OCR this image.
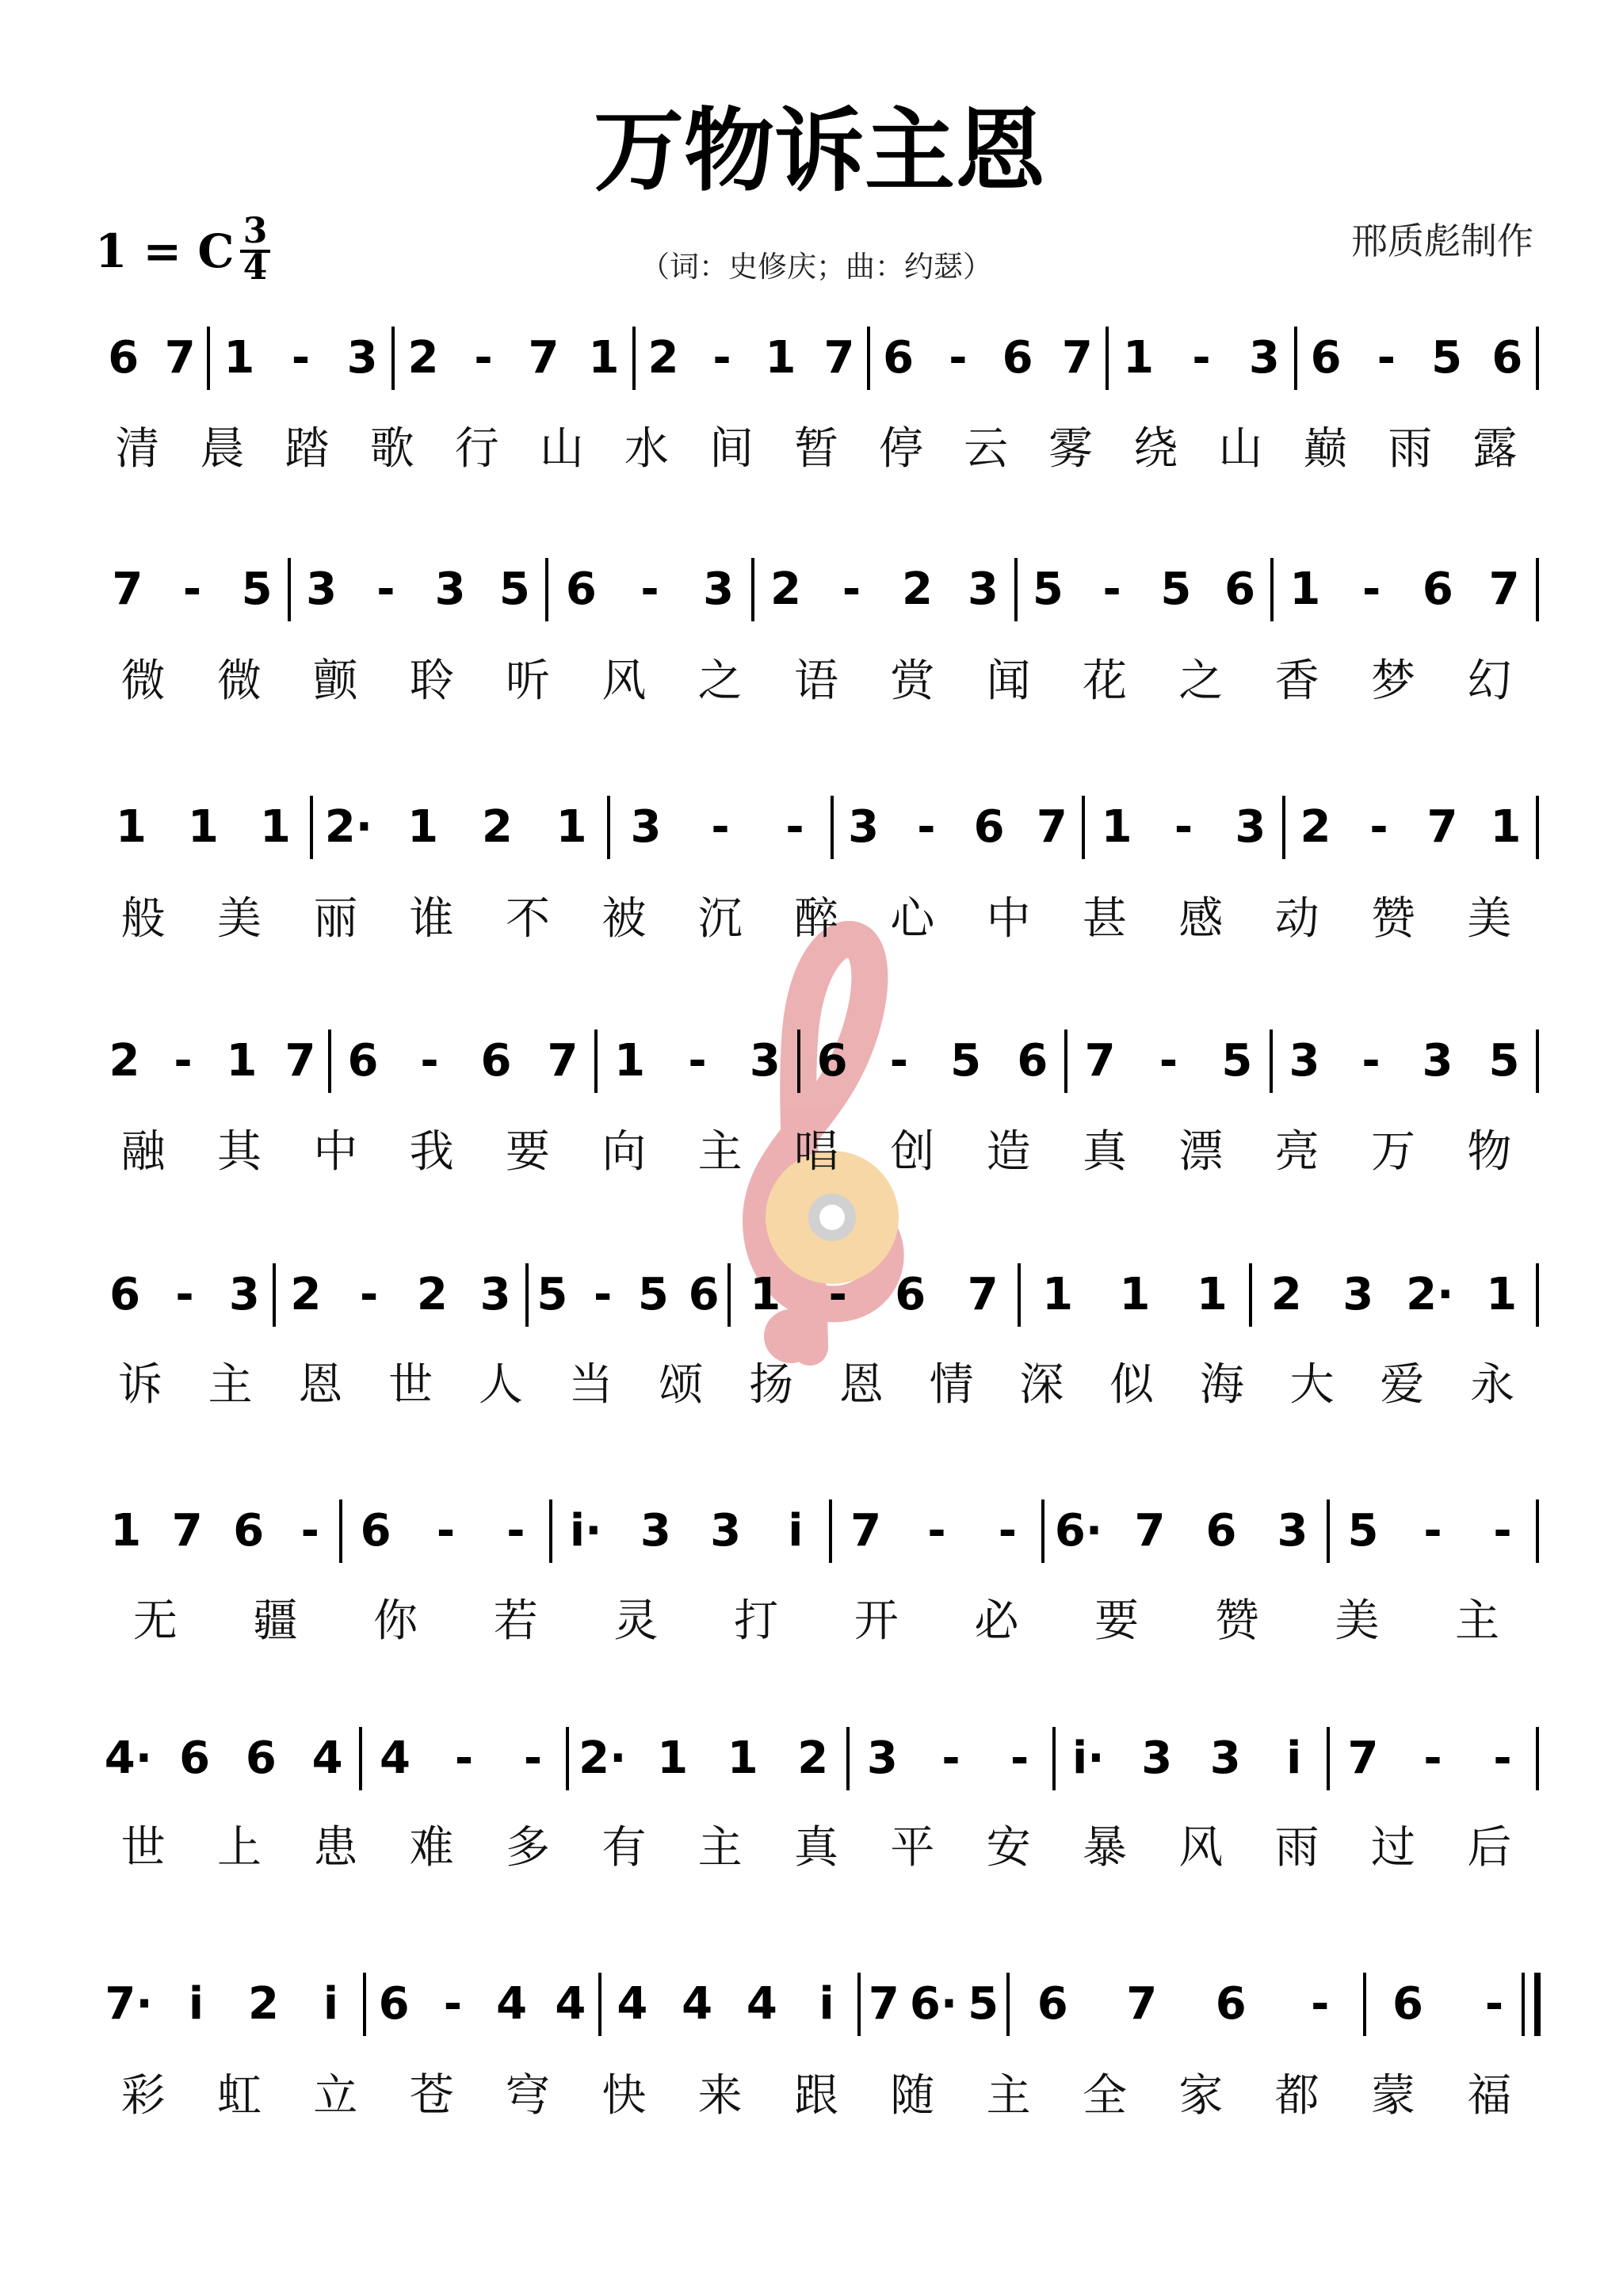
万物诉主恩
1 = C 3
4	（词：史修庆；曲：约瑟）
邢质彪制作
6 7 1 - 3 2 - 7 1 2 - 1 7 6 - 6 7 1 - 3 6 - 5 6
清 晨 踏 歌 行 山 水 间 暂 停 云 雾 绕 山 巅 雨 露
7 - 5 3 - 3 5 6 - 3 2 - 2 3 5 - 5 6 1 - 6 7
微 微 颤 聆 听 风 之 语 赏 闻 花 之 香 梦 幻
1 1 1 2· 1 2 1 3 - - 3 - 6 7 1 - 3 2 - 7 1
般 美 丽 谁 不 被 沉 醉 心 中 甚 感 动 赞 美
2 - 1 7 6 - 6 7 1 - 3 6 - 5 6 7 - 5 3 - 3 5
融 其 中 我 要 向 主 唱 创 造 真 漂 亮 万 物
6 - 3 2 - 2 3 5 - 5 6 1 - 6 7 1 1 1 2 3 2· 1
诉 主 恩 世 人 当 颂 扬 恩 情 深 似 海 大 爱 永
1 7 6 - 6 - - i· 3 3 i 7 - - 6· 7 6 3 5 - -
无 疆 你 若 灵 打 开 必 要 赞 美 主
4· 6 6 4 4 - - 2· 1 1 2 3 - - i· 3 3 i 7 - -
世 上 患 难 多 有 主 真 平 安 暴 风 雨 过 后
7· i 2 i 6 - 4 4 4 4 4 i 7 6· 5 6 7 6 - 6 -
彩 虹 立 苍 穹 快 来 跟 随 主 全 家 都 蒙 福
